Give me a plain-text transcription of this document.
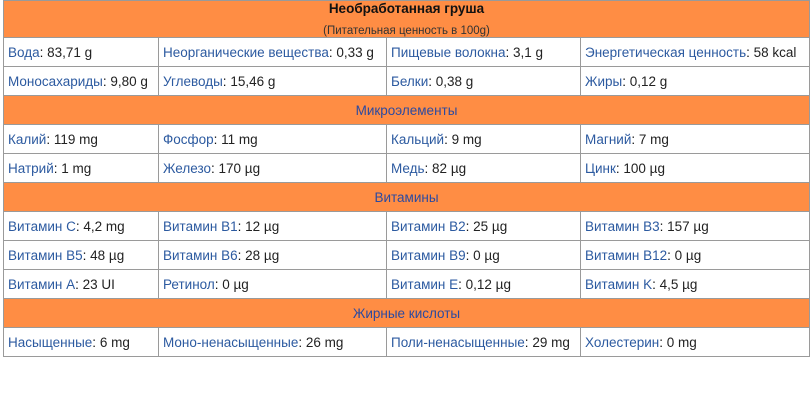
Необработанная груша
(Питательная ценность в 100g)			

Вода: 83,71 g	Неорганические вещества: 0,33 g	Пищевые волокна: 3,1 g	Энергетическая ценность: 58 kcal
Моносахариды: 9,80 g	Углеводы: 15,46 g	Белки: 0,38 g	Жиры: 0,12 g
Микроэлементы			
Калий: 119 mg	Фосфор: 11 mg	Кальций: 9 mg	Магний: 7 mg
Натрий: 1 mg	Железо: 170 µg	Медь: 82 µg	Цинк: 100 µg
Витамины			
Витамин C: 4,2 mg	Витамин B1: 12 µg	Витамин B2: 25 µg	Витамин B3: 157 µg
Витамин B5: 48 µg	Витамин B6: 28 µg	Витамин B9: 0 µg	Витамин B12: 0 µg
Витамин A: 23 UI	Ретинол: 0 µg	Витамин E: 0,12 µg	Витамин K: 4,5 µg
Жирные кислоты			
Насыщенные: 6 mg	Моно-ненасыщенные: 26 mg	Поли-ненасыщенные: 29 mg	Холестерин: 0 mg
